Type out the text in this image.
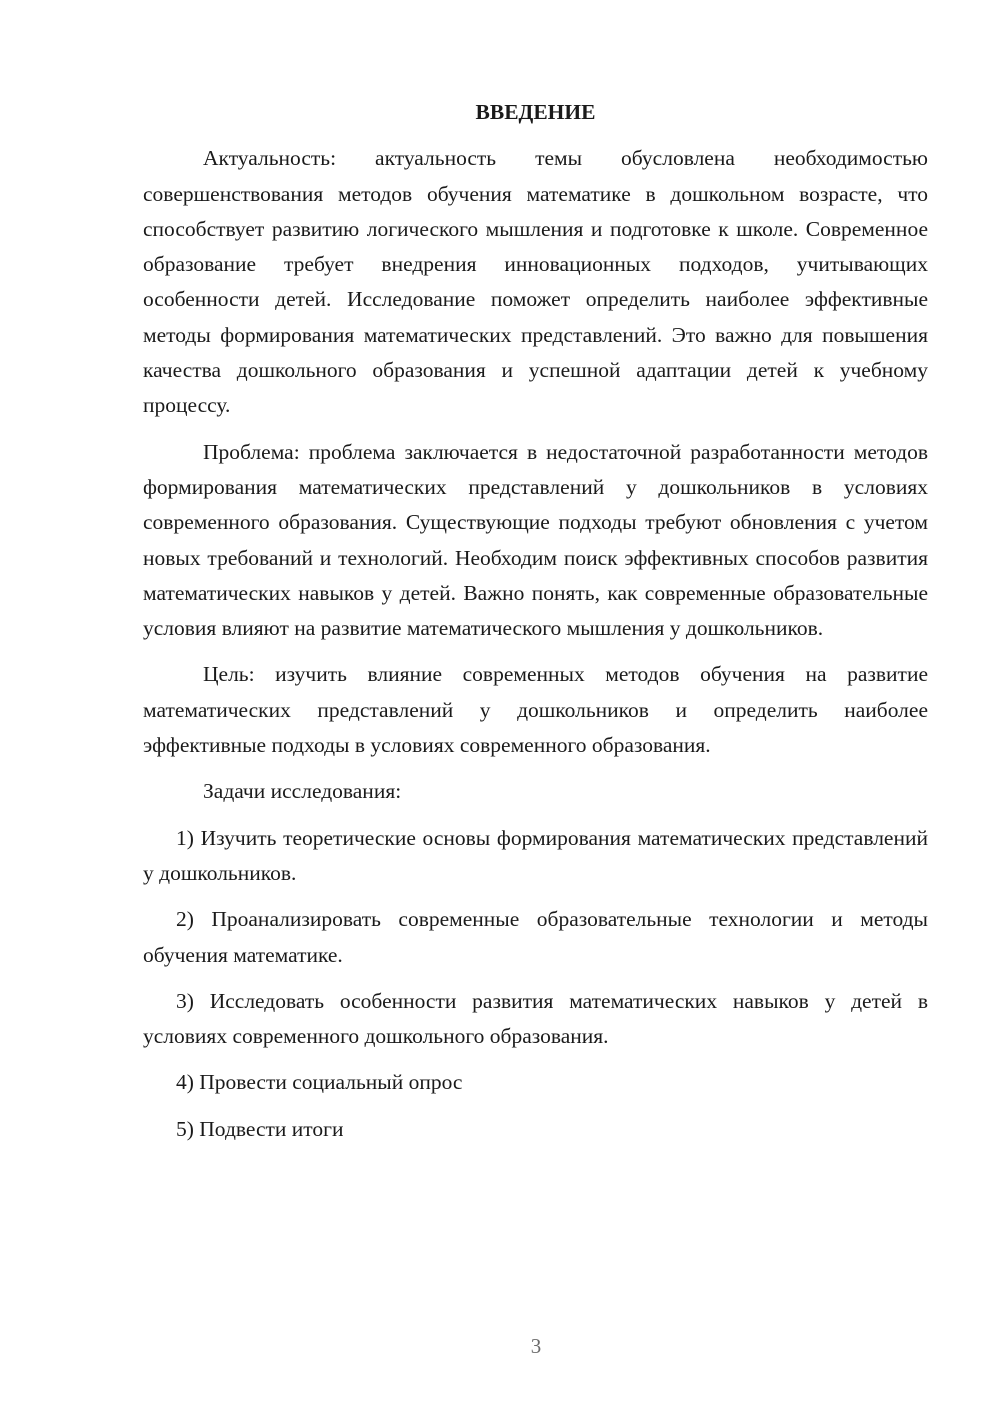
ВВЕДЕНИЕ

Актуальность: актуальность темы обусловлена необходимостью совершенствования методов обучения математике в дошкольном возрасте, что способствует развитию логического мышления и подготовке к школе. Современное образование требует внедрения инновационных подходов, учитывающих особенности детей. Исследование поможет определить наиболее эффективные методы формирования математических представлений. Это важно для повышения качества дошкольного образования и успешной адаптации детей к учебному процессу.

Проблема: проблема заключается в недостаточной разработанности методов формирования математических представлений у дошкольников в условиях современного образования. Существующие подходы требуют обновления с учетом новых требований и технологий. Необходим поиск эффективных способов развития математических навыков у детей. Важно понять, как современные образовательные условия влияют на развитие математического мышления у дошкольников.

Цель: изучить влияние современных методов обучения на развитие математических представлений у дошкольников и определить наиболее эффективные подходы в условиях современного образования.

Задачи исследования:

1) Изучить теоретические основы формирования математических представлений у дошкольников.

2) Проанализировать современные образовательные технологии и методы обучения математике.

3) Исследовать особенности развития математических навыков у детей в условиях современного дошкольного образования.

4) Провести социальный опрос

5) Подвести итоги

3
